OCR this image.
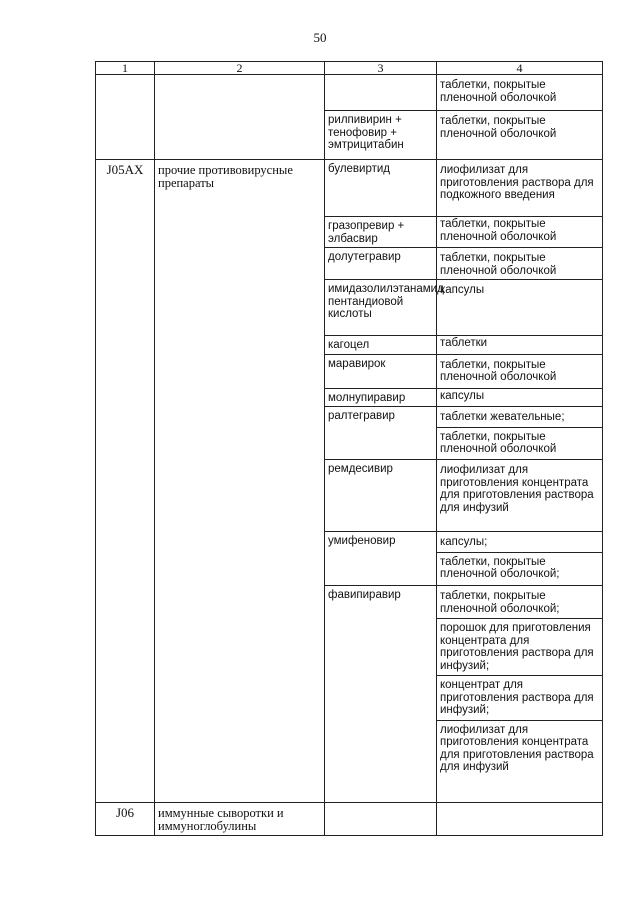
50
1	2	3	4

			таблетки, покрытые пленочной оболочкой

		рилпивирин + тенофовир + эмтрицитабин	таблетки, покрытые пленочной оболочкой

J05AX	прочие противовирусные препараты	булевиртид	лиофилизат для приготовления раствора для подкожного введения

		гразопревир + элбасвир	таблетки, покрытые пленочной оболочкой

		долутегравир	таблетки, покрытые пленочной оболочкой

		имидазолилэтанамид пентандиовой кислоты	капсулы

		кагоцел	таблетки

		маравирок	таблетки, покрытые пленочной оболочкой

		молнупиравир	капсулы

		ралтегравир	таблетки жевательные;
таблетки, покрытые пленочной оболочкой

		ремдесивир	лиофилизат для приготовления концентрата для приготовления раствора для инфузий

		умифеновир	капсулы;
таблетки, покрытые пленочной оболочкой;

		фавипиравир	таблетки, покрытые пленочной оболочкой;
порошок для приготовления концентрата для приготовления раствора для инфузий;
концентрат для приготовления раствора для инфузий;
лиофилизат для приготовления концентрата для приготовления раствора для инфузий

J06	иммунные сыворотки и иммуноглобулины		
